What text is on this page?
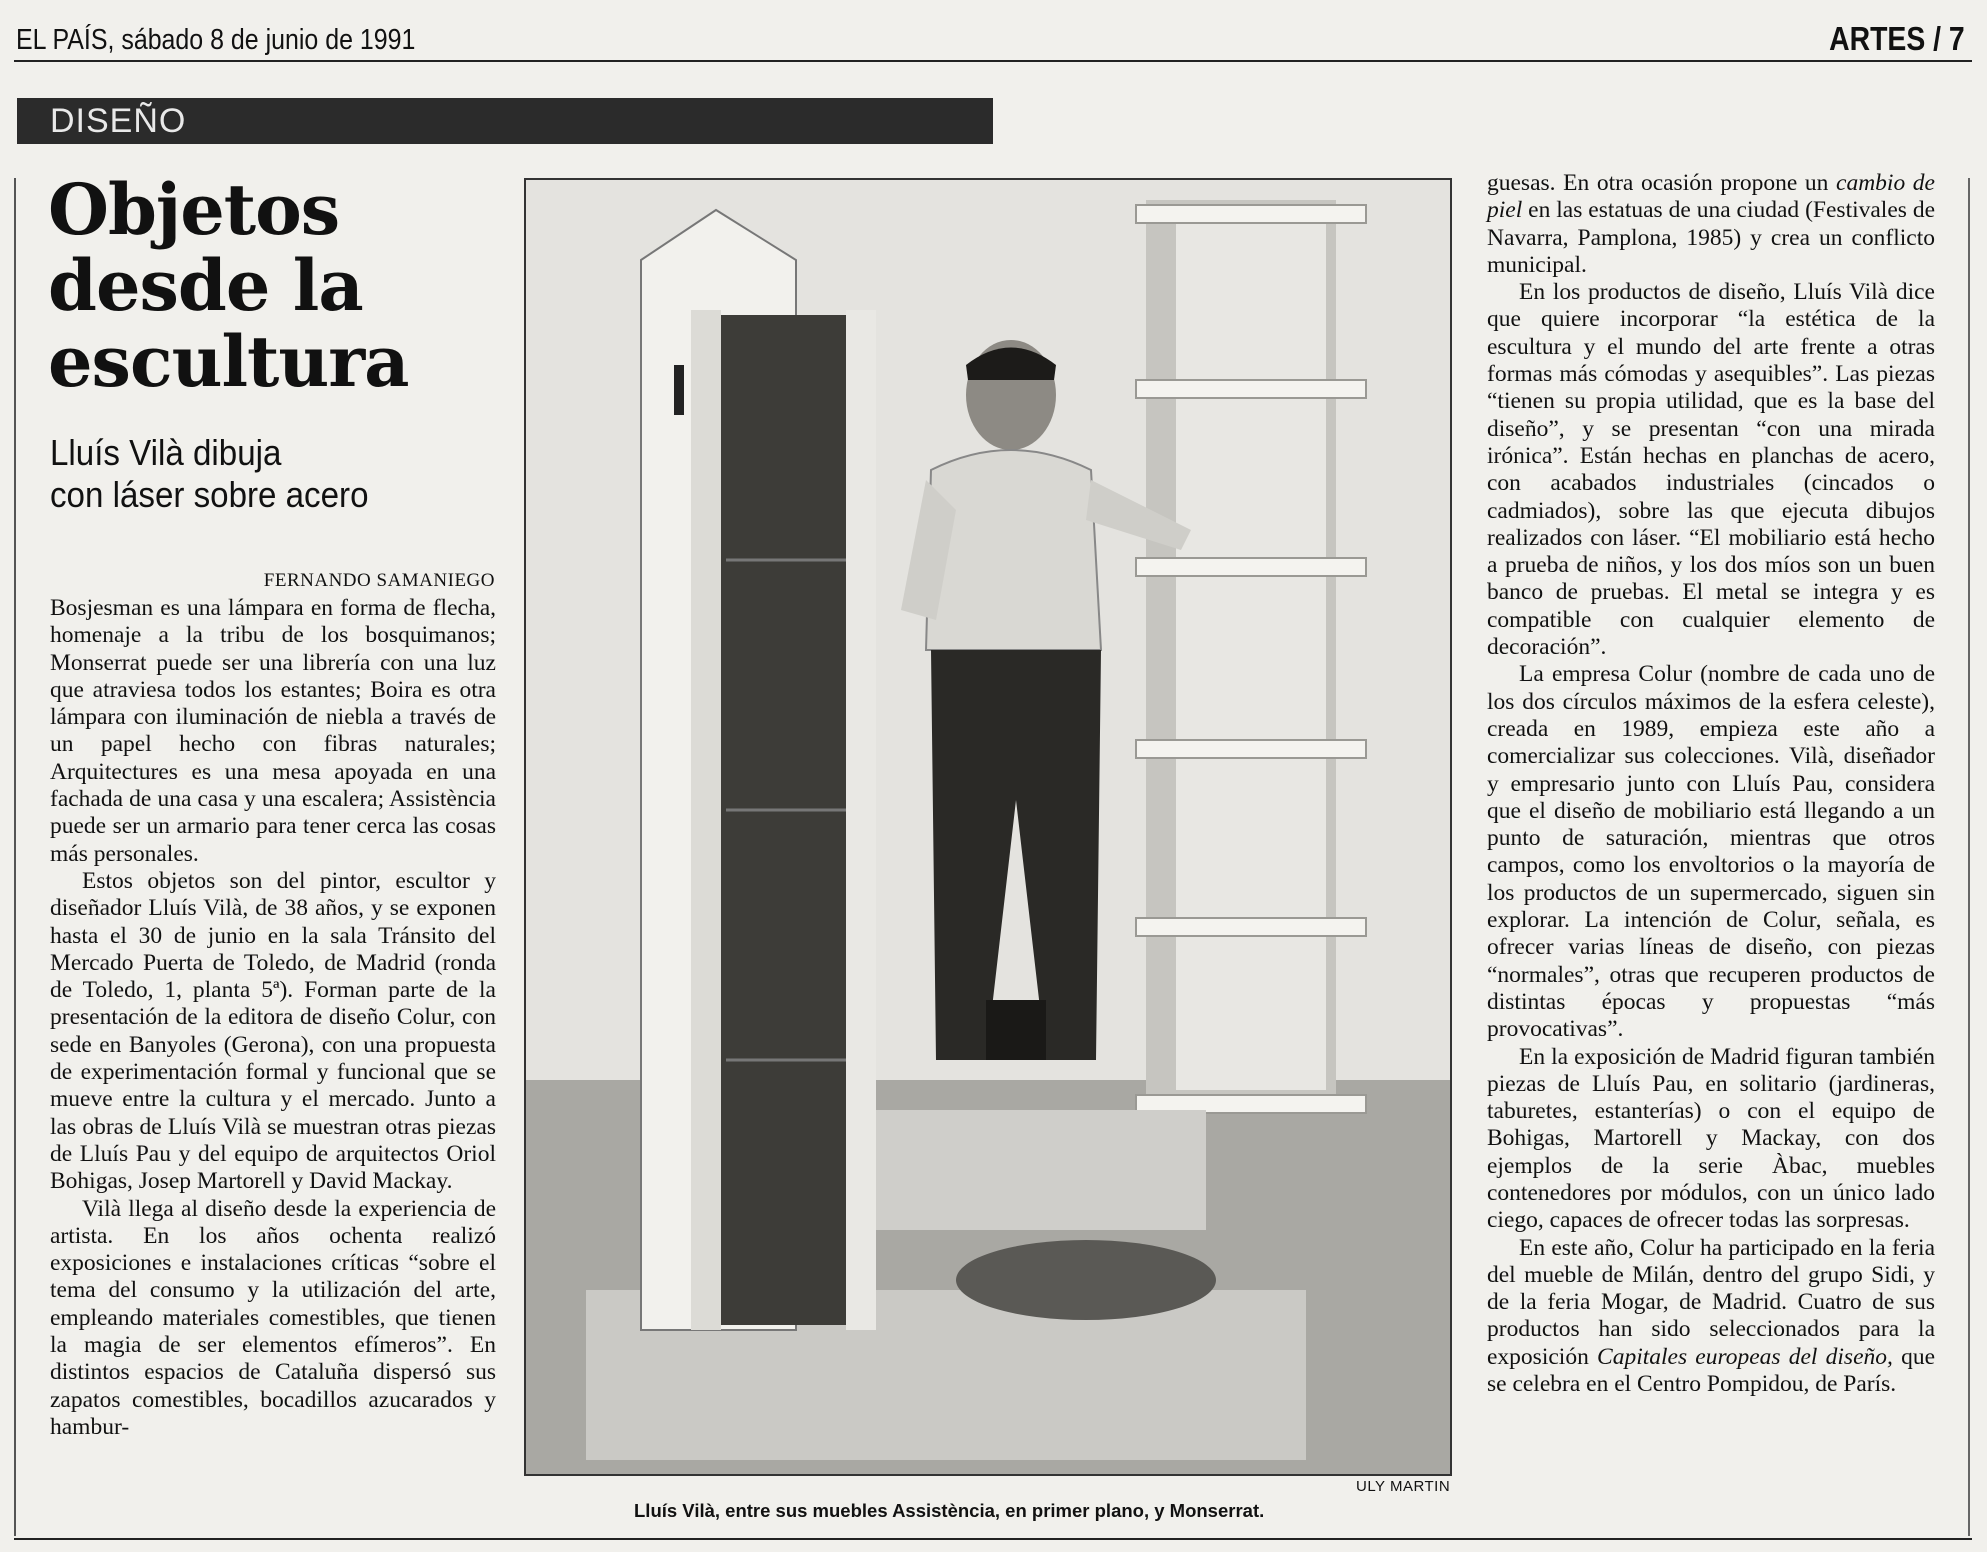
EL PAÍS, sábado 8 de junio de 1991	ARTES / 7
DISEÑO
Objetos
desde la
escultura
Lluís Vilà dibuja
con láser sobre acero
FERNANDO SAMANIEGO

Bosjesman es una lámpara en forma de flecha, homenaje a la tribu de los bosquimanos; Monserrat puede ser una librería con una luz que atraviesa todos los estantes; Boira es otra lámpara con iluminación de niebla a través de un papel hecho con fibras naturales; Arquitectures es una mesa apoyada en una fachada de una casa y una escalera; Assistència puede ser un armario para tener cerca las cosas más personales.

Estos objetos son del pintor, escultor y diseñador Lluís Vilà, de 38 años, y se exponen hasta el 30 de junio en la sala Tránsito del Mercado Puerta de Toledo, de Madrid (ronda de Toledo, 1, planta 5ª). Forman parte de la presentación de la editora de diseño Colur, con sede en Banyoles (Gerona), con una propuesta de experimentación formal y funcional que se mueve entre la cultura y el mercado. Junto a las obras de Lluís Vilà se muestran otras piezas de Lluís Pau y del equipo de arquitectos Oriol Bohigas, Josep Martorell y David Mackay.

Vilà llega al diseño desde la experiencia de artista. En los años ochenta realizó exposiciones e instalaciones críticas “sobre el tema del consumo y la utilización del arte, empleando materiales comestibles, que tienen la magia de ser elementos efímeros”. En distintos espacios de Cataluña dispersó sus zapatos comestibles, bocadillos azucarados y hambur-

ULY MARTIN
Lluís Vilà, entre sus muebles Assistència, en primer plano, y Monserrat.

guesas. En otra ocasión propone un cambio de piel en las estatuas de una ciudad (Festivales de Navarra, Pamplona, 1985) y crea un conflicto municipal.

En los productos de diseño, Lluís Vilà dice que quiere incorporar “la estética de la escultura y el mundo del arte frente a otras formas más cómodas y asequibles”. Las piezas “tienen su propia utilidad, que es la base del diseño”, y se presentan “con una mirada irónica”. Están hechas en planchas de acero, con acabados industriales (cincados o cadmiados), sobre las que ejecuta dibujos realizados con láser. “El mobiliario está hecho a prueba de niños, y los dos míos son un buen banco de pruebas. El metal se integra y es compatible con cualquier elemento de decoración”.

La empresa Colur (nombre de cada uno de los dos círculos máximos de la esfera celeste), creada en 1989, empieza este año a comercializar sus colecciones. Vilà, diseñador y empresario junto con Lluís Pau, considera que el diseño de mobiliario está llegando a un punto de saturación, mientras que otros campos, como los envoltorios o la mayoría de los productos de un supermercado, siguen sin explorar. La intención de Colur, señala, es ofrecer varias líneas de diseño, con piezas “normales”, otras que recuperen productos de distintas épocas y propuestas “más provocativas”.

En la exposición de Madrid figuran también piezas de Lluís Pau, en solitario (jardineras, taburetes, estanterías) o con el equipo de Bohigas, Martorell y Mackay, con dos ejemplos de la serie Àbac, muebles contenedores por módulos, con un único lado ciego, capaces de ofrecer todas las sorpresas.

En este año, Colur ha participado en la feria del mueble de Milán, dentro del grupo Sidi, y de la feria Mogar, de Madrid. Cuatro de sus productos han sido seleccionados para la exposición Capitales europeas del diseño, que se celebra en el Centro Pompidou, de París.
